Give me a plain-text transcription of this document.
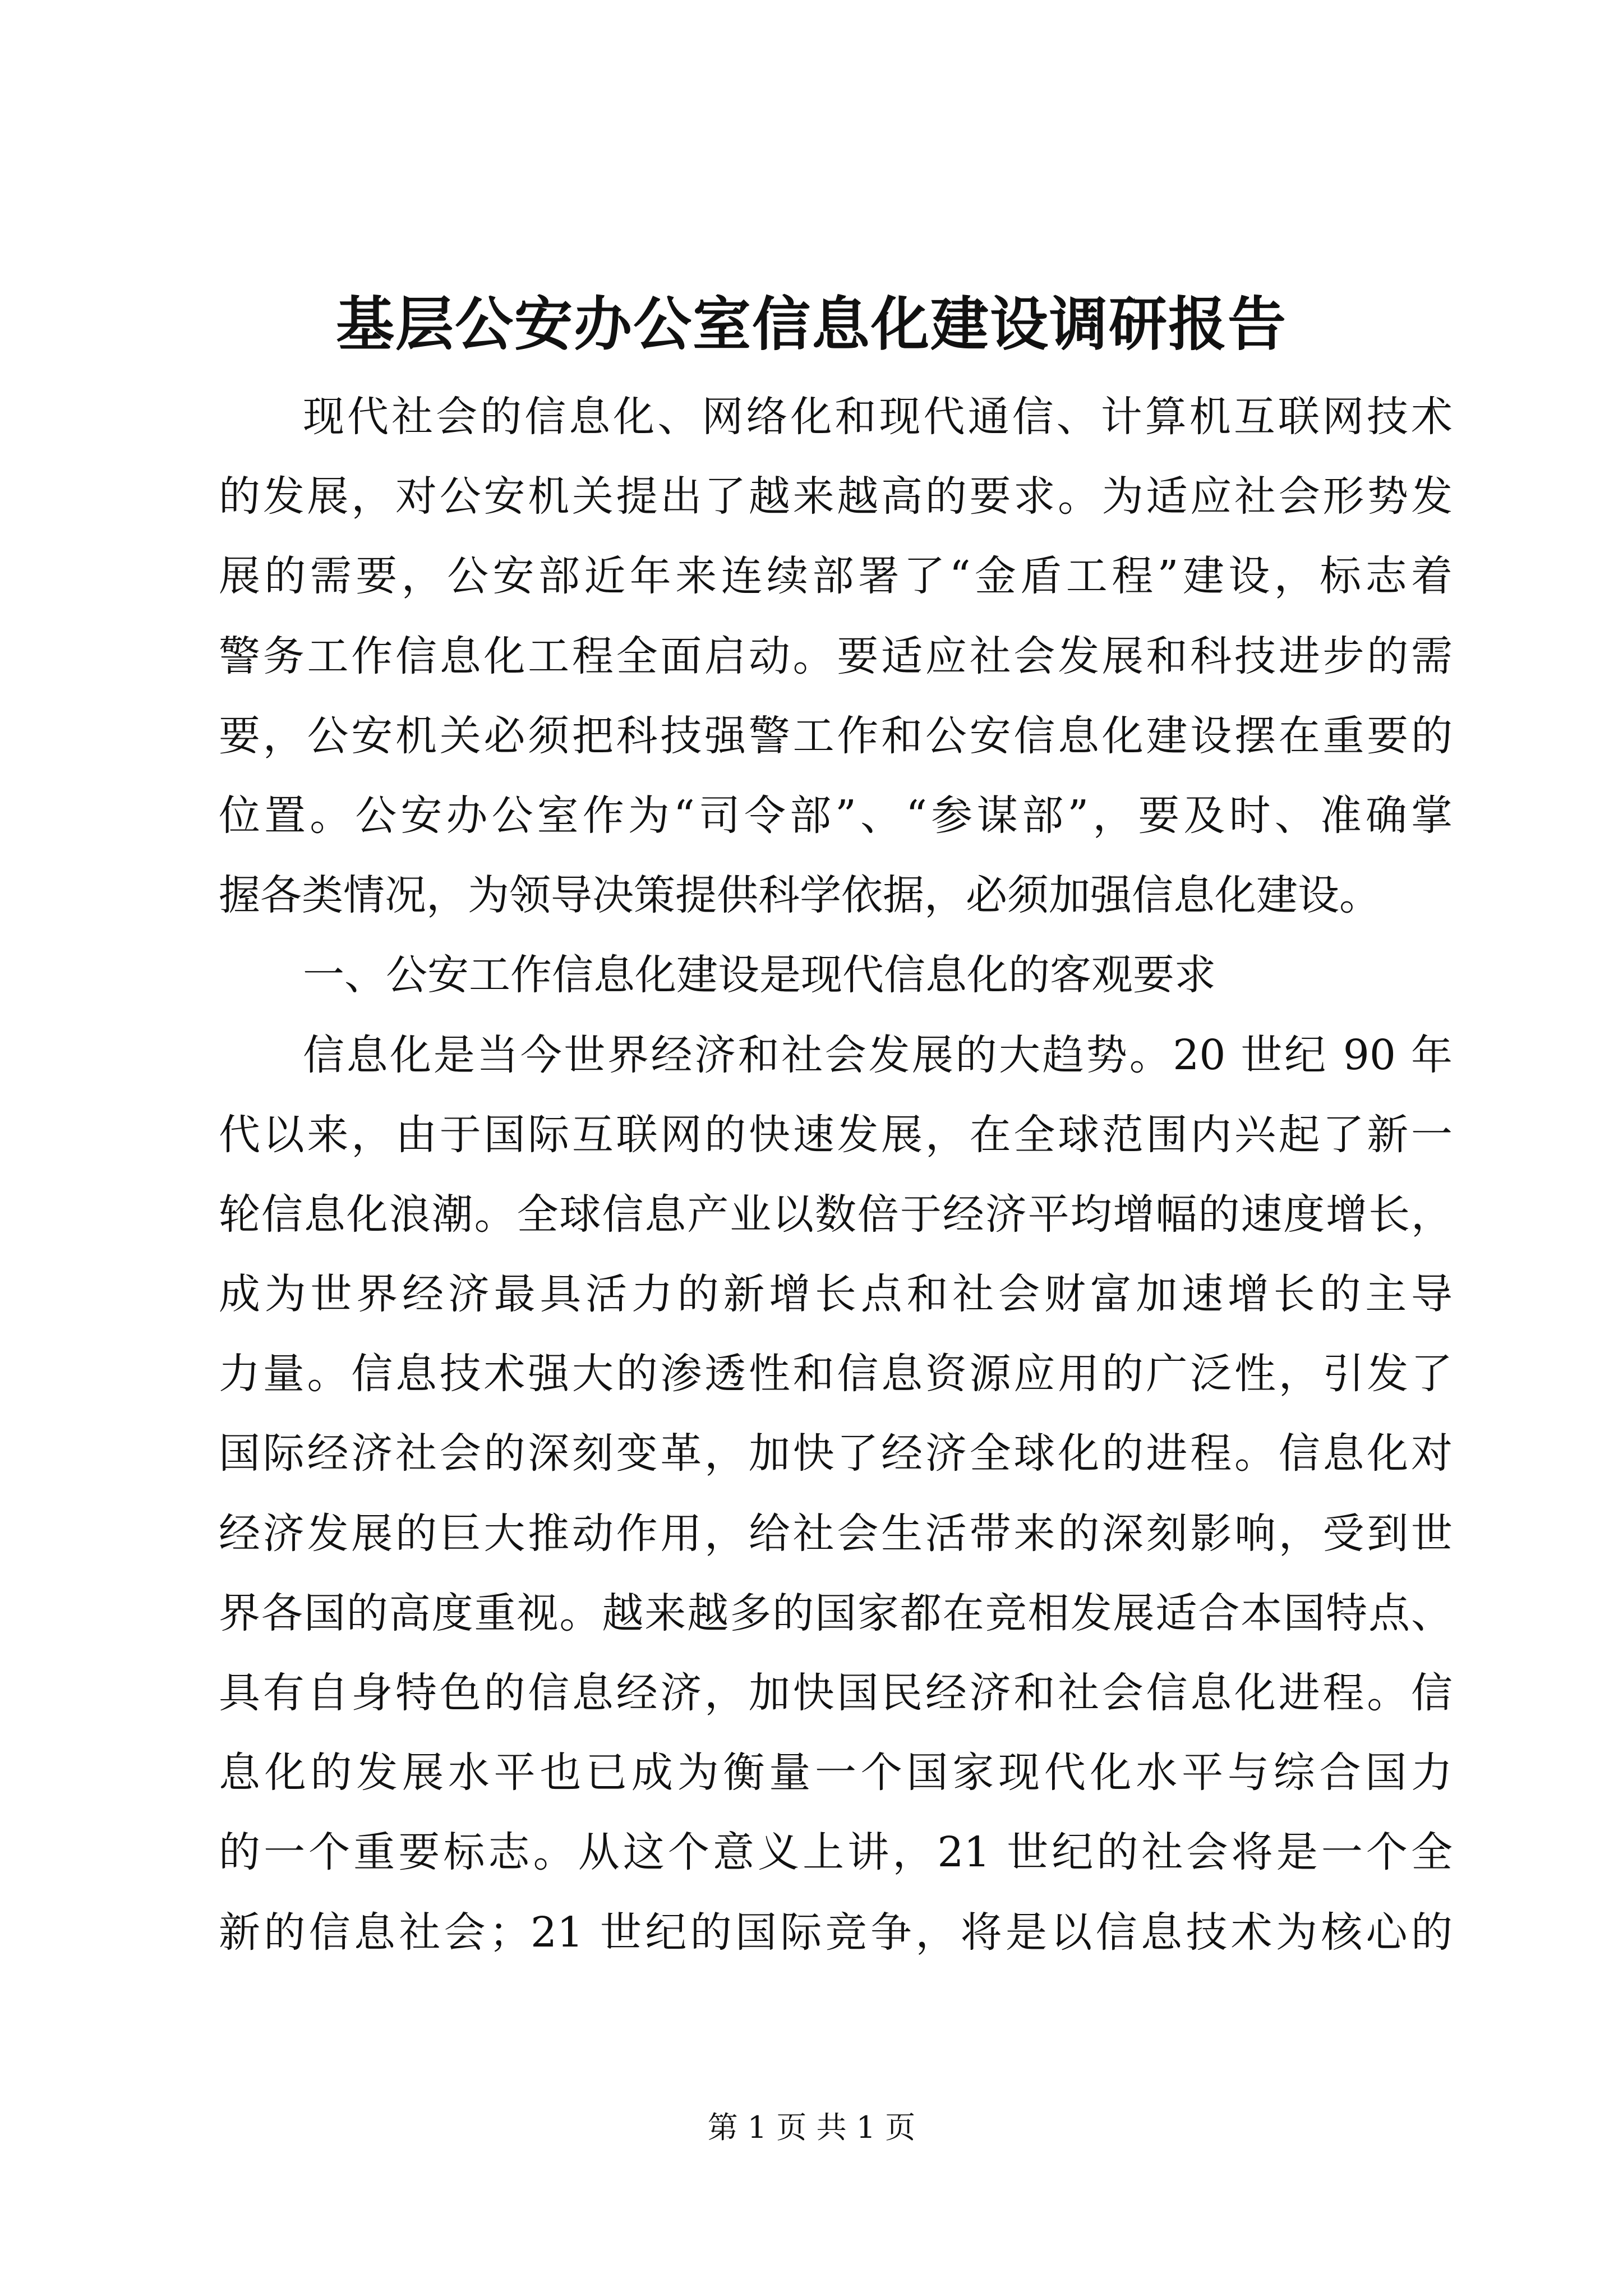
基层公安办公室信息化建设调研报告
现代社会的信息化、网络化和现代通信、计算机互联网技术
的发展，对公安机关提出了越来越高的要求。为适应社会形势发
展的需要，公安部近年来连续部署了“金盾工程”建设，标志着
警务工作信息化工程全面启动。要适应社会发展和科技进步的需
要，公安机关必须把科技强警工作和公安信息化建设摆在重要的
位置。公安办公室作为“司令部”、“参谋部”，要及时、准确掌
握各类情况，为领导决策提供科学依据，必须加强信息化建设。
一、公安工作信息化建设是现代信息化的客观要求
信息化是当今世界经济和社会发展的大趋势。20 世纪 90 年
代以来，由于国际互联网的快速发展，在全球范围内兴起了新一
轮信息化浪潮。全球信息产业以数倍于经济平均增幅的速度增长，
成为世界经济最具活力的新增长点和社会财富加速增长的主导
力量。信息技术强大的渗透性和信息资源应用的广泛性，引发了
国际经济社会的深刻变革，加快了经济全球化的进程。信息化对
经济发展的巨大推动作用，给社会生活带来的深刻影响，受到世
界各国的高度重视。越来越多的国家都在竞相发展适合本国特点、
具有自身特色的信息经济，加快国民经济和社会信息化进程。信
息化的发展水平也已成为衡量一个国家现代化水平与综合国力
的一个重要标志。从这个意义上讲，21 世纪的社会将是一个全
新的信息社会；21 世纪的国际竞争，将是以信息技术为核心的
第 1 页 共 1 页
